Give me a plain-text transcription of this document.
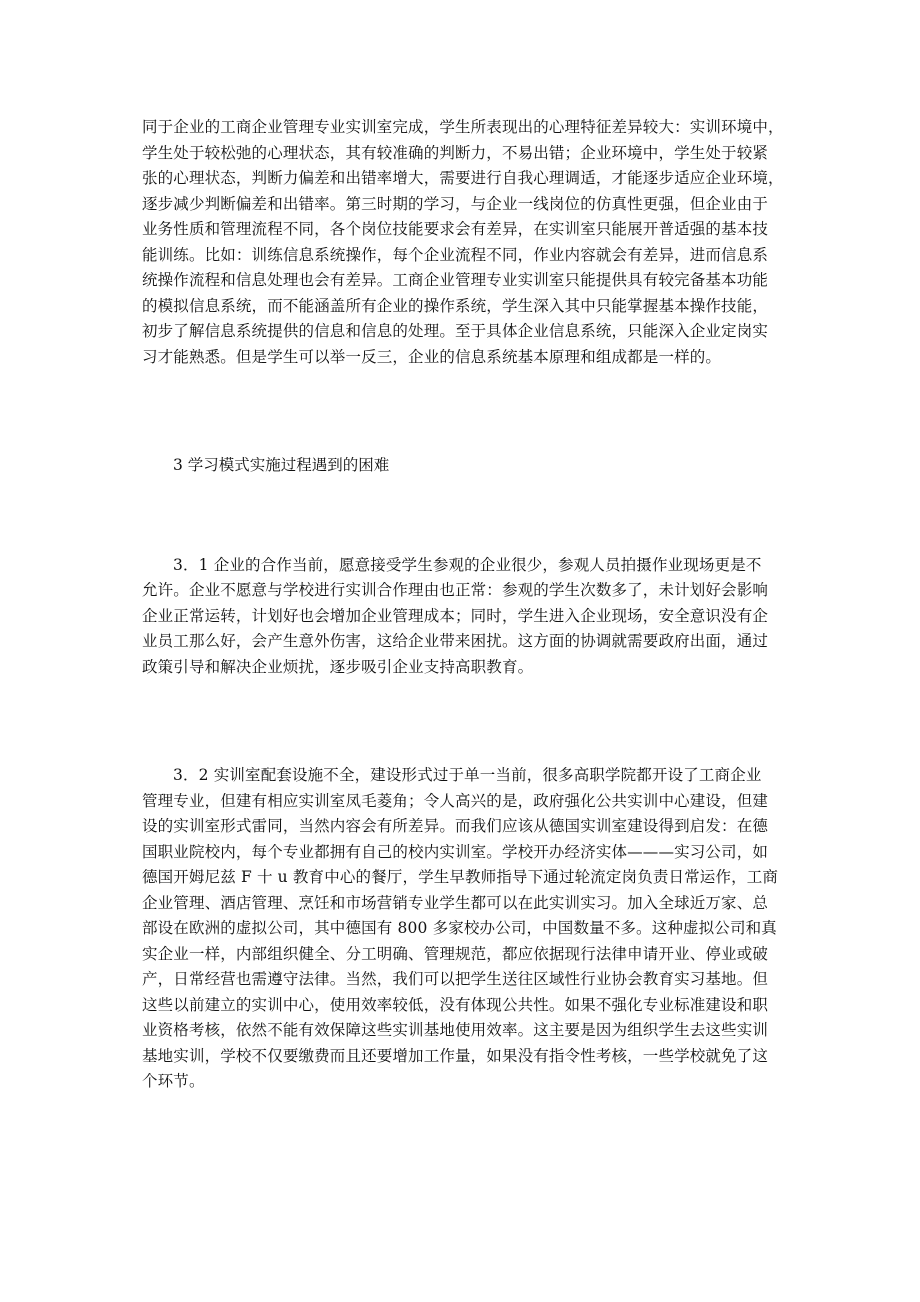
同于企业的工商企业管理专业实训室完成，学生所表现出的心理特征差异较大：实训环境中，
学生处于较松弛的心理状态，其有较准确的判断力，不易出错；企业环境中，学生处于较紧
张的心理状态，判断力偏差和出错率增大，需要进行自我心理调适，才能逐步适应企业环境，
逐步减少判断偏差和出错率。第三时期的学习，与企业一线岗位的仿真性更强，但企业由于
业务性质和管理流程不同，各个岗位技能要求会有差异，在实训室只能展开普适强的基本技
能训练。比如：训练信息系统操作，每个企业流程不同，作业内容就会有差异，进而信息系
统操作流程和信息处理也会有差异。工商企业管理专业实训室只能提供具有较完备基本功能
的模拟信息系统，而不能涵盖所有企业的操作系统，学生深入其中只能掌握基本操作技能，
初步了解信息系统提供的信息和信息的处理。至于具体企业信息系统，只能深入企业定岗实
习才能熟悉。但是学生可以举一反三，企业的信息系统基本原理和组成都是一样的。
3 学习模式实施过程遇到的困难
3．1 企业的合作当前，愿意接受学生参观的企业很少，参观人员拍摄作业现场更是不
允许。企业不愿意与学校进行实训合作理由也正常：参观的学生次数多了，未计划好会影响
企业正常运转，计划好也会增加企业管理成本；同时，学生进入企业现场，安全意识没有企
业员工那么好，会产生意外伤害，这给企业带来困扰。这方面的协调就需要政府出面，通过
政策引导和解决企业烦扰，逐步吸引企业支持高职教育。
3．2 实训室配套设施不全，建设形式过于单一当前，很多高职学院都开设了工商企业
管理专业，但建有相应实训室凤毛菱角；令人高兴的是，政府强化公共实训中心建设，但建
设的实训室形式雷同，当然内容会有所差异。而我们应该从德国实训室建设得到启发：在德
国职业院校内，每个专业都拥有自己的校内实训室。学校开办经济实体———实习公司，如
德国开姆尼兹 F 十 u 教育中心的餐厅，学生早教师指导下通过轮流定岗负责日常运作，工商
企业管理、酒店管理、烹饪和市场营销专业学生都可以在此实训实习。加入全球近万家、总
部设在欧洲的虚拟公司，其中德国有 800 多家校办公司，中国数量不多。这种虚拟公司和真
实企业一样，内部组织健全、分工明确、管理规范，都应依据现行法律申请开业、停业或破
产，日常经营也需遵守法律。当然，我们可以把学生送往区域性行业协会教育实习基地。但
这些以前建立的实训中心，使用效率较低，没有体现公共性。如果不强化专业标准建设和职
业资格考核，依然不能有效保障这些实训基地使用效率。这主要是因为组织学生去这些实训
基地实训，学校不仅要缴费而且还要增加工作量，如果没有指令性考核，一些学校就免了这
个环节。
